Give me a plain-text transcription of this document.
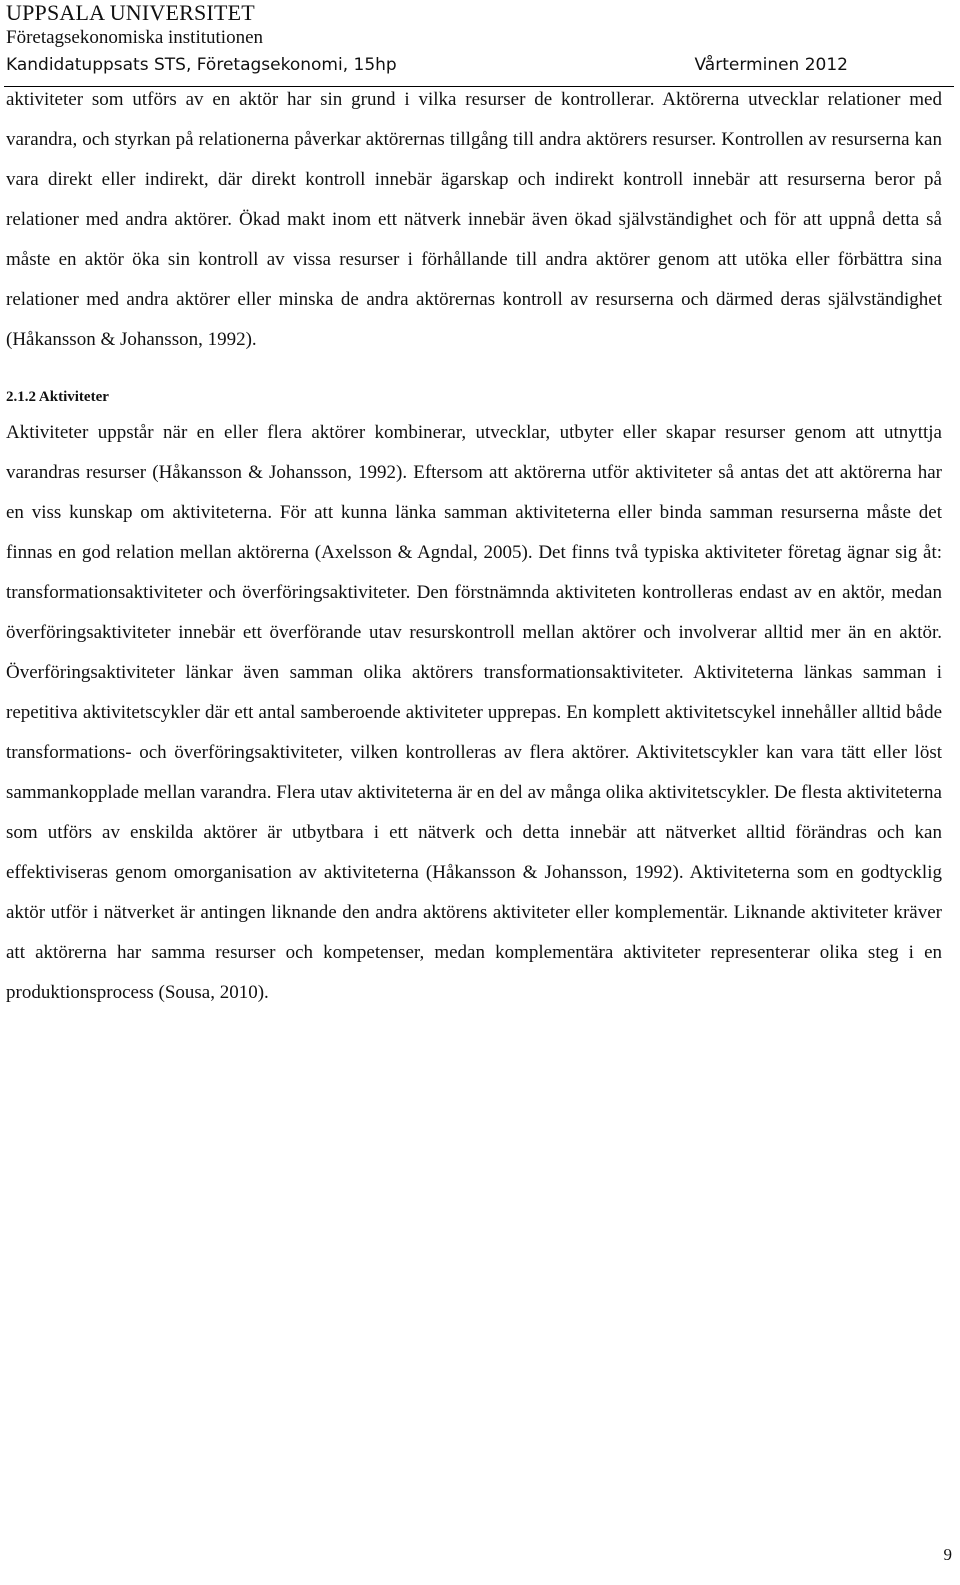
UPPSALA UNIVERSITET
Företagsekonomiska institutionen
Kandidatuppsats STS, Företagsekonomi, 15hp	Vårterminen 2012

aktiviteter som utförs av en aktör har sin grund i vilka resurser de kontrollerar. Aktörerna utvecklar relationer med varandra, och styrkan på relationerna påverkar aktörernas tillgång till andra aktörers resurser. Kontrollen av resurserna kan vara direkt eller indirekt, där direkt kontroll innebär ägarskap och indirekt kontroll innebär att resurserna beror på relationer med andra aktörer. Ökad makt inom ett nätverk innebär även ökad självständighet och för att uppnå detta så måste en aktör öka sin kontroll av vissa resurser i förhållande till andra aktörer genom att utöka eller förbättra sina relationer med andra aktörer eller minska de andra aktörernas kontroll av resurserna och därmed deras självständighet (Håkansson & Johansson, 1992).

2.1.2 Aktiviteter

Aktiviteter uppstår när en eller flera aktörer kombinerar, utvecklar, utbyter eller skapar resurser genom att utnyttja varandras resurser (Håkansson & Johansson, 1992). Eftersom att aktörerna utför aktiviteter så antas det att aktörerna har en viss kunskap om aktiviteterna. För att kunna länka samman aktiviteterna eller binda samman resurserna måste det finnas en god relation mellan aktörerna (Axelsson & Agndal, 2005). Det finns två typiska aktiviteter företag ägnar sig åt: transformationsaktiviteter och överföringsaktiviteter. Den förstnämnda aktiviteten kontrolleras endast av en aktör, medan överföringsaktiviteter innebär ett överförande utav resurskontroll mellan aktörer och involverar alltid mer än en aktör. Överföringsaktiviteter länkar även samman olika aktörers transformationsaktiviteter. Aktiviteterna länkas samman i repetitiva aktivitetscykler där ett antal samberoende aktiviteter upprepas. En komplett aktivitetscykel innehåller alltid både transformations- och överföringsaktiviteter, vilken kontrolleras av flera aktörer. Aktivitetscykler kan vara tätt eller löst sammankopplade mellan varandra. Flera utav aktiviteterna är en del av många olika aktivitetscykler. De flesta aktiviteterna som utförs av enskilda aktörer är utbytbara i ett nätverk och detta innebär att nätverket alltid förändras och kan effektiviseras genom omorganisation av aktiviteterna (Håkansson & Johansson, 1992). Aktiviteterna som en godtycklig aktör utför i nätverket är antingen liknande den andra aktörens aktiviteter eller komplementär. Liknande aktiviteter kräver att aktörerna har samma resurser och kompetenser, medan komplementära aktiviteter representerar olika steg i en produktionsprocess (Sousa, 2010).

9
